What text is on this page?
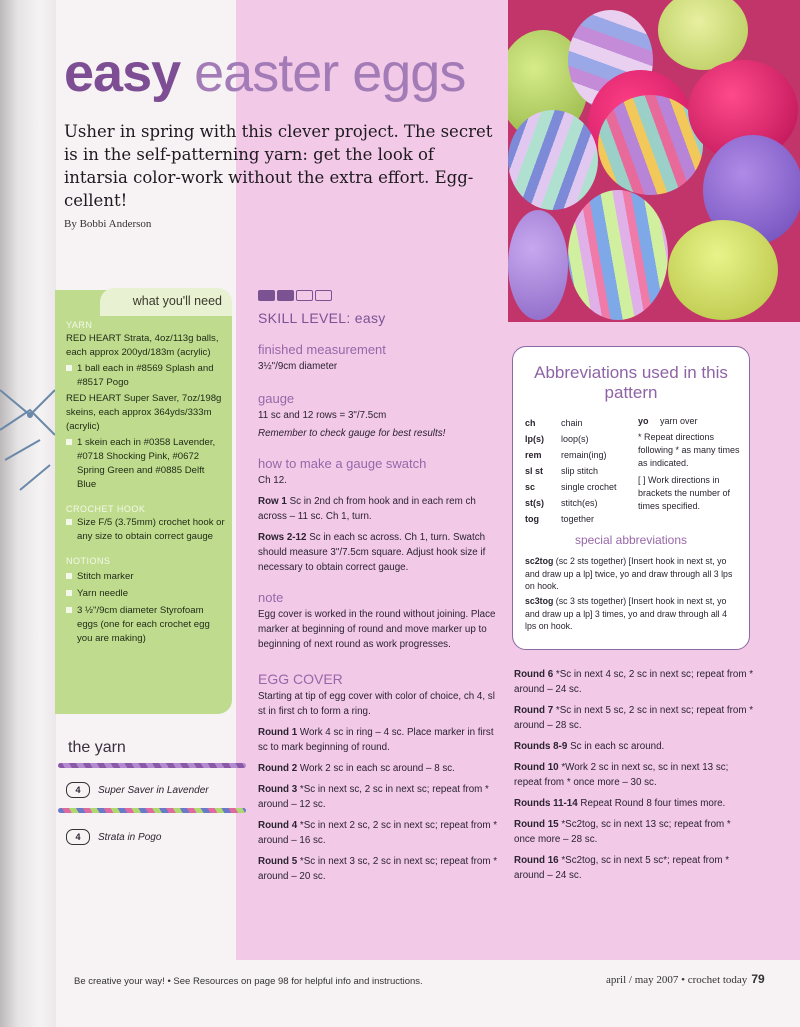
easy easter eggs
Usher in spring with this clever project. The secret is in the self-patterning yarn: get the look of intarsia color-work without the extra effort. Egg-cellent!
By Bobbi Anderson
what you'll need
YARN
RED HEART Strata, 4oz/113g balls, each approx 200yd/183m (acrylic)
1 ball each in #8569 Splash and #8517 Pogo
RED HEART Super Saver, 7oz/198g skeins, each approx 364yds/333m (acrylic)
1 skein each in #0358 Lavender, #0718 Shocking Pink, #0672 Spring Green and #0885 Delft Blue
CROCHET HOOK
Size F/5 (3.75mm) crochet hook or any size to obtain correct gauge
NOTIONS
Stitch marker
Yarn needle
3 ½"/9cm diameter Styrofoam eggs (one for each crochet egg you are making)
the yarn
4 Super Saver in Lavender
4 Strata in Pogo
SKILL LEVEL: easy
finished measurement

3½"/9cm diameter

gauge

11 sc and 12 rows = 3"/7.5cm

Remember to check gauge for best results!

how to make a gauge swatch

Ch 12.

Row 1 Sc in 2nd ch from hook and in each rem ch across – 11 sc. Ch 1, turn.

Rows 2-12 Sc in each sc across. Ch 1, turn. Swatch should measure 3"/7.5cm square. Adjust hook size if necessary to obtain correct gauge.

note

Egg cover is worked in the round without joining. Place marker at beginning of round and move marker up to beginning of next round as work progresses.

EGG COVER

Starting at tip of egg cover with color of choice, ch 4, sl st in first ch to form a ring.

Round 1 Work 4 sc in ring – 4 sc. Place marker in first sc to mark beginning of round.

Round 2 Work 2 sc in each sc around – 8 sc.

Round 3 *Sc in next sc, 2 sc in next sc; repeat from * around – 12 sc.

Round 4 *Sc in next 2 sc, 2 sc in next sc; repeat from * around – 16 sc.

Round 5 *Sc in next 3 sc, 2 sc in next sc; repeat from * around – 20 sc.

Abbreviations used in this pattern
ch	chain
lp(s) loop(s)
rem remain(ing)
sl st slip stitch
sc	single crochet
st(s) stitch(es)
tog together
yo yarn over
* Repeat directions following * as many times as indicated.
[ ] Work directions in brackets the number of times specified.
special abbreviations
sc2tog (sc 2 sts together) [Insert hook in next st, yo and draw up a lp] twice, yo and draw through all 3 lps on hook.
sc3tog (sc 3 sts together) [Insert hook in next st, yo and draw up a lp] 3 times, yo and draw through all 4 lps on hook.

Round 6 *Sc in next 4 sc, 2 sc in next sc; repeat from * around – 24 sc.

Round 7 *Sc in next 5 sc, 2 sc in next sc; repeat from * around – 28 sc.

Rounds 8-9 Sc in each sc around.

Round 10 *Work 2 sc in next sc, sc in next 13 sc; repeat from * once more – 30 sc.

Rounds 11-14 Repeat Round 8 four times more.

Round 15 *Sc2tog, sc in next 13 sc; repeat from * once more – 28 sc.

Round 16 *Sc2tog, sc in next 5 sc*; repeat from * around – 24 sc.

Be creative your way! • See Resources on page 98 for helpful info and instructions.	april / may 2007 • crochet today 79
